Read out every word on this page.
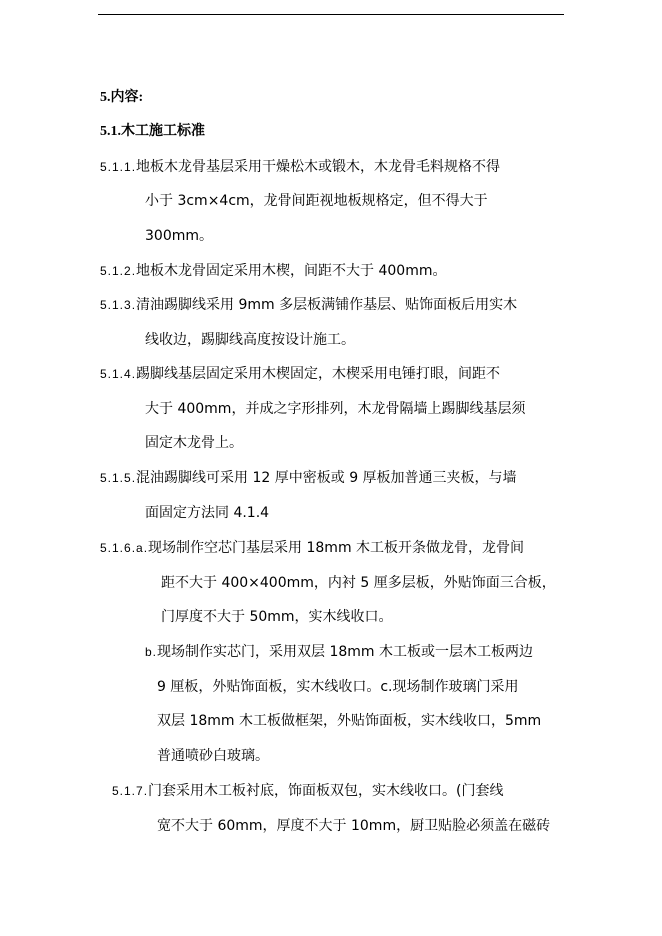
5.内容:
5.1.木工施工标准
5.1.1.地板木龙骨基层采用干燥松木或锻木，木龙骨毛料规格不得
小于 3cm×4cm，龙骨间距视地板规格定，但不得大于
300mm。
5.1.2.地板木龙骨固定采用木楔，间距不大于 400mm。
5.1.3.清油踢脚线采用 9mm 多层板满铺作基层、贴饰面板后用实木
线收边，踢脚线高度按设计施工。
5.1.4.踢脚线基层固定采用木楔固定，木楔采用电锤打眼，间距不
大于 400mm，并成之字形排列，木龙骨隔墙上踢脚线基层须
固定木龙骨上。
5.1.5.混油踢脚线可采用 12 厚中密板或 9 厚板加普通三夹板，与墙
面固定方法同 4.1.4
5.1.6.a.现场制作空芯门基层采用 18mm 木工板开条做龙骨，龙骨间
距不大于 400×400mm，内衬 5 厘多层板，外贴饰面三合板，
门厚度不大于 50mm，实木线收口。
b.现场制作实芯门，采用双层 18mm 木工板或一层木工板两边
9 厘板，外贴饰面板，实木线收口。c.现场制作玻璃门采用
双层 18mm 木工板做框架，外贴饰面板，实木线收口，5mm
普通喷砂白玻璃。
5.1.7.门套采用木工板衬底，饰面板双包，实木线收口。(门套线
宽不大于 60mm，厚度不大于 10mm，厨卫贴脸必须盖在磁砖
